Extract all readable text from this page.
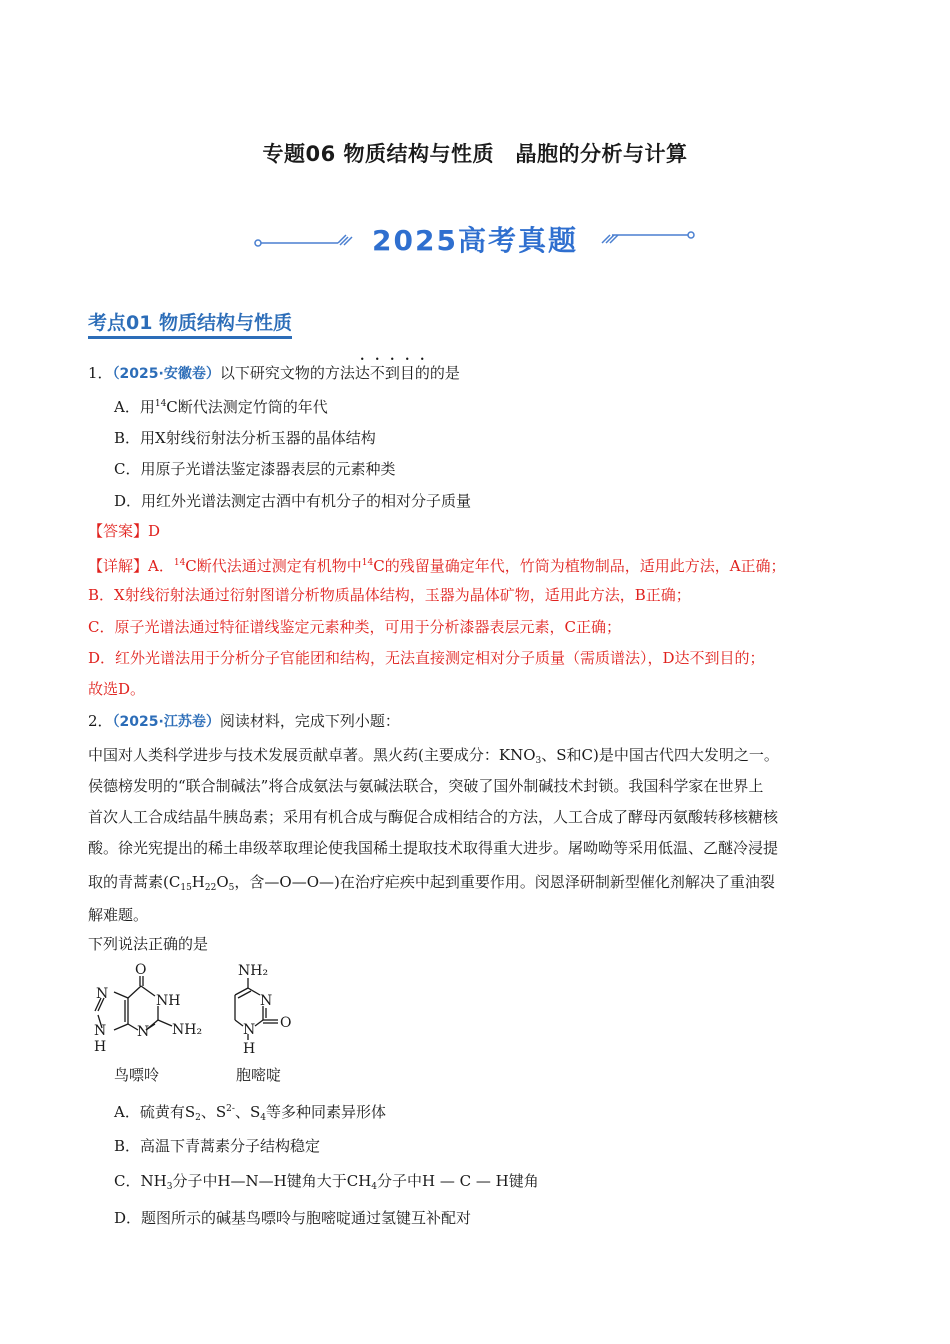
专题06 物质结构与性质　晶胞的分析与计算
2025高考真题
考点01 物质结构与性质
1．（2025·安徽卷）以下研究文物的方法达不到目的的是
A．用$^{14}$C断代法测定竹筒的年代
B．用X射线衍射法分析玉器的晶体结构
C．用原子光谱法鉴定漆器表层的元素种类
D．用红外光谱法测定古酒中有机分子的相对分子质量
【答案】D
【详解】A．$^{14}$C断代法通过测定有机物中$^{14}$C的残留量确定年代，竹筒为植物制品，适用此方法，A正确；
B．X射线衍射法通过衍射图谱分析物质晶体结构，玉器为晶体矿物，适用此方法，B正确；
C．原子光谱法通过特征谱线鉴定元素种类，可用于分析漆器表层元素，C正确；
D．红外光谱法用于分析分子官能团和结构，无法直接测定相对分子质量（需质谱法），D达不到目的；
故选D。
2．（2025·江苏卷）阅读材料，完成下列小题：
中国对人类科学进步与技术发展贡献卓著。黑火药(主要成分：$KNO_3$、S和C)是中国古代四大发明之一。
侯德榜发明的“联合制碱法”将合成氨法与氨碱法联合，突破了国外制碱技术封锁。我国科学家在世界上
首次人工合成结晶牛胰岛素；采用有机合成与酶促合成相结合的方法，人工合成了酵母丙氨酸转移核糖核
酸。徐光宪提出的稀土串级萃取理论使我国稀土提取技术取得重大进步。屠呦呦等采用低温、乙醚冷浸提
取的青蒿素($C_{15}H_{22}O_5$，含—O—O—)在治疗疟疾中起到重要作用。闵恩泽研制新型催化剂解决了重油裂
解难题。
下列说法正确的是
O
NH
N
N
N
H
NH₂
NH₂
N
N
H
O
鸟嘌呤	胞嘧啶
A．硫黄有$S_2$、$S^{2-}$、$S_4$等多种同素异形体
B．高温下青蒿素分子结构稳定
C．$NH_3$分子中H—N—H键角大于$CH_4$分子中H — C — H键角
D．题图所示的碱基鸟嘌呤与胞嘧啶通过氢键互补配对
